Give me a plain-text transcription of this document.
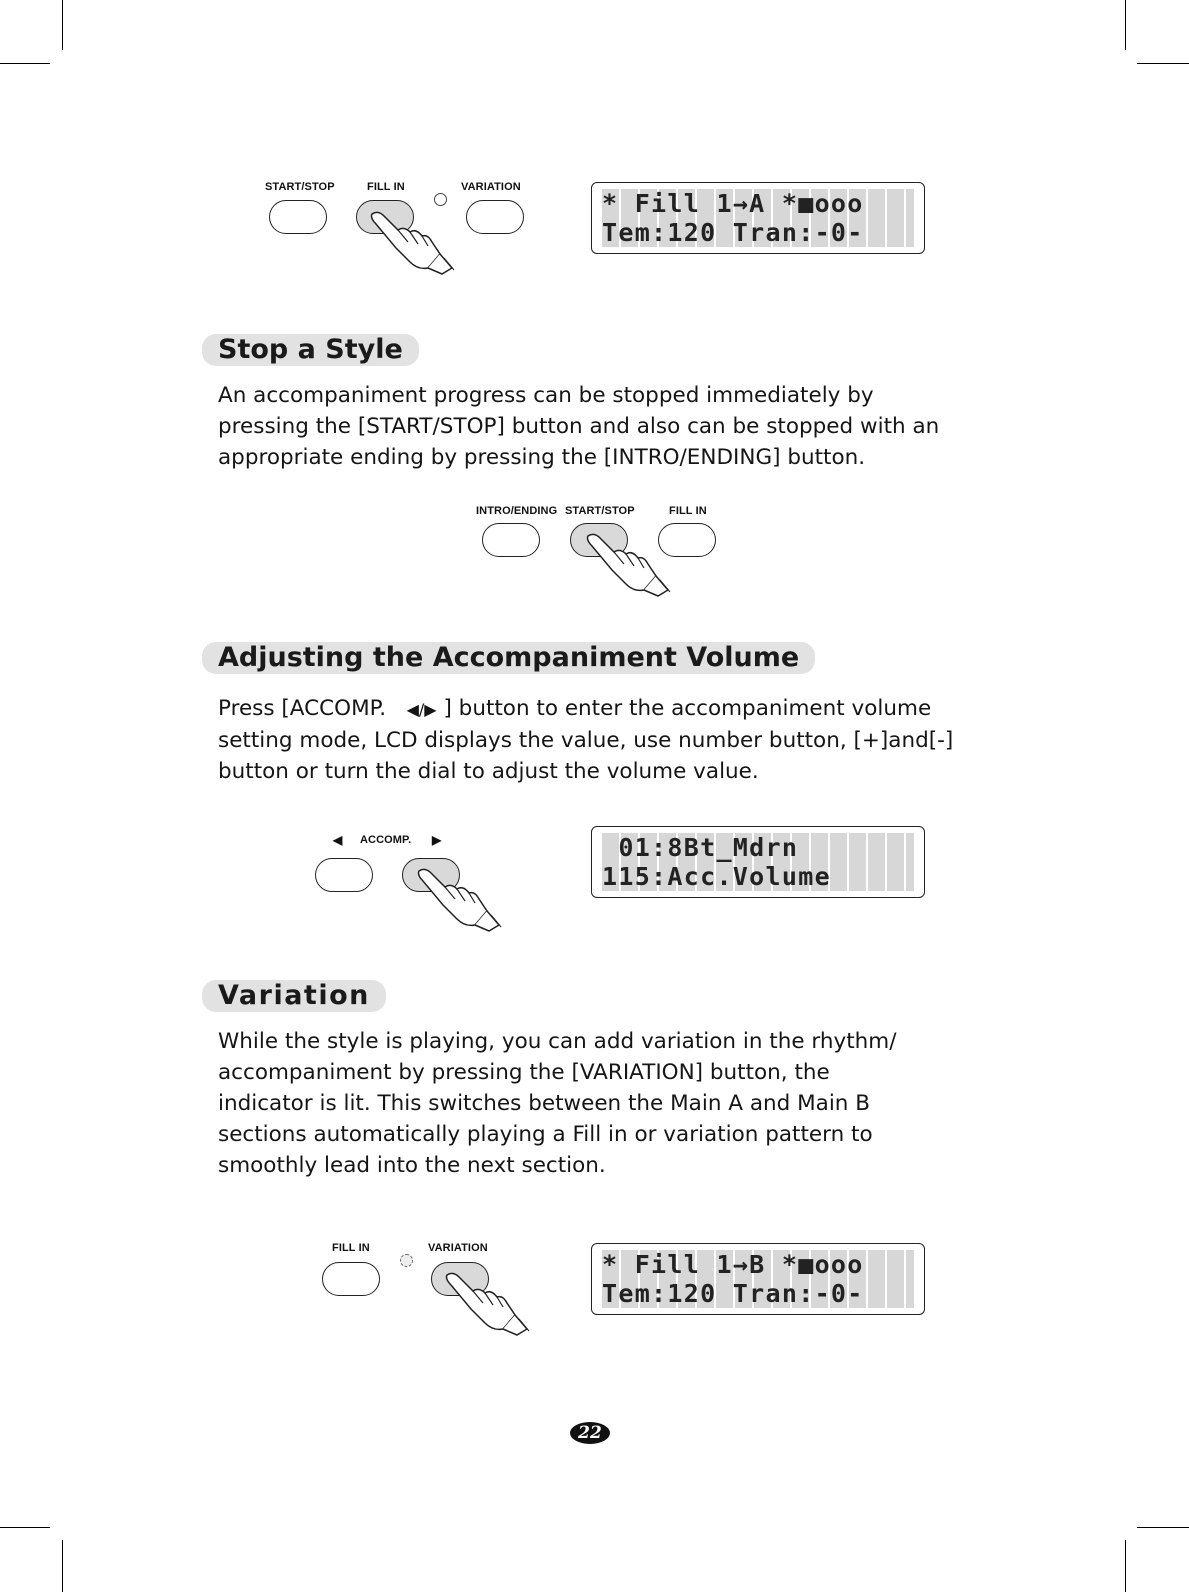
START/STOP	FILL IN	VARIATION
* Fill 1→A *■ooo
Tem:120 Tran:-0-
Stop a Style

An accompaniment progress can be stopped immediately by
pressing the [START/STOP] button and also can be stopped with an
appropriate ending by pressing the [INTRO/ENDING] button.

INTRO/ENDING START/STOP	FILL IN
Adjusting the Accompaniment Volume

Press [ACCOMP. ◀/▶ ] button to enter the accompaniment volume
setting mode, LCD displays the value, use number button, [+]and[-]
button or turn the dial to adjust the volume value.

◀ ACCOMP. ▶	01:8Bt_Mdrn
115:Acc.Volume
Variation

While the style is playing, you can add variation in the rhythm/
accompaniment by pressing the [VARIATION] button, the
indicator is lit. This switches between the Main A and Main B
sections automatically playing a Fill in or variation pattern to
smoothly lead into the next section.

FILL IN	VARIATION
* Fill 1→B *■ooo
Tem:120 Tran:-0-
22
